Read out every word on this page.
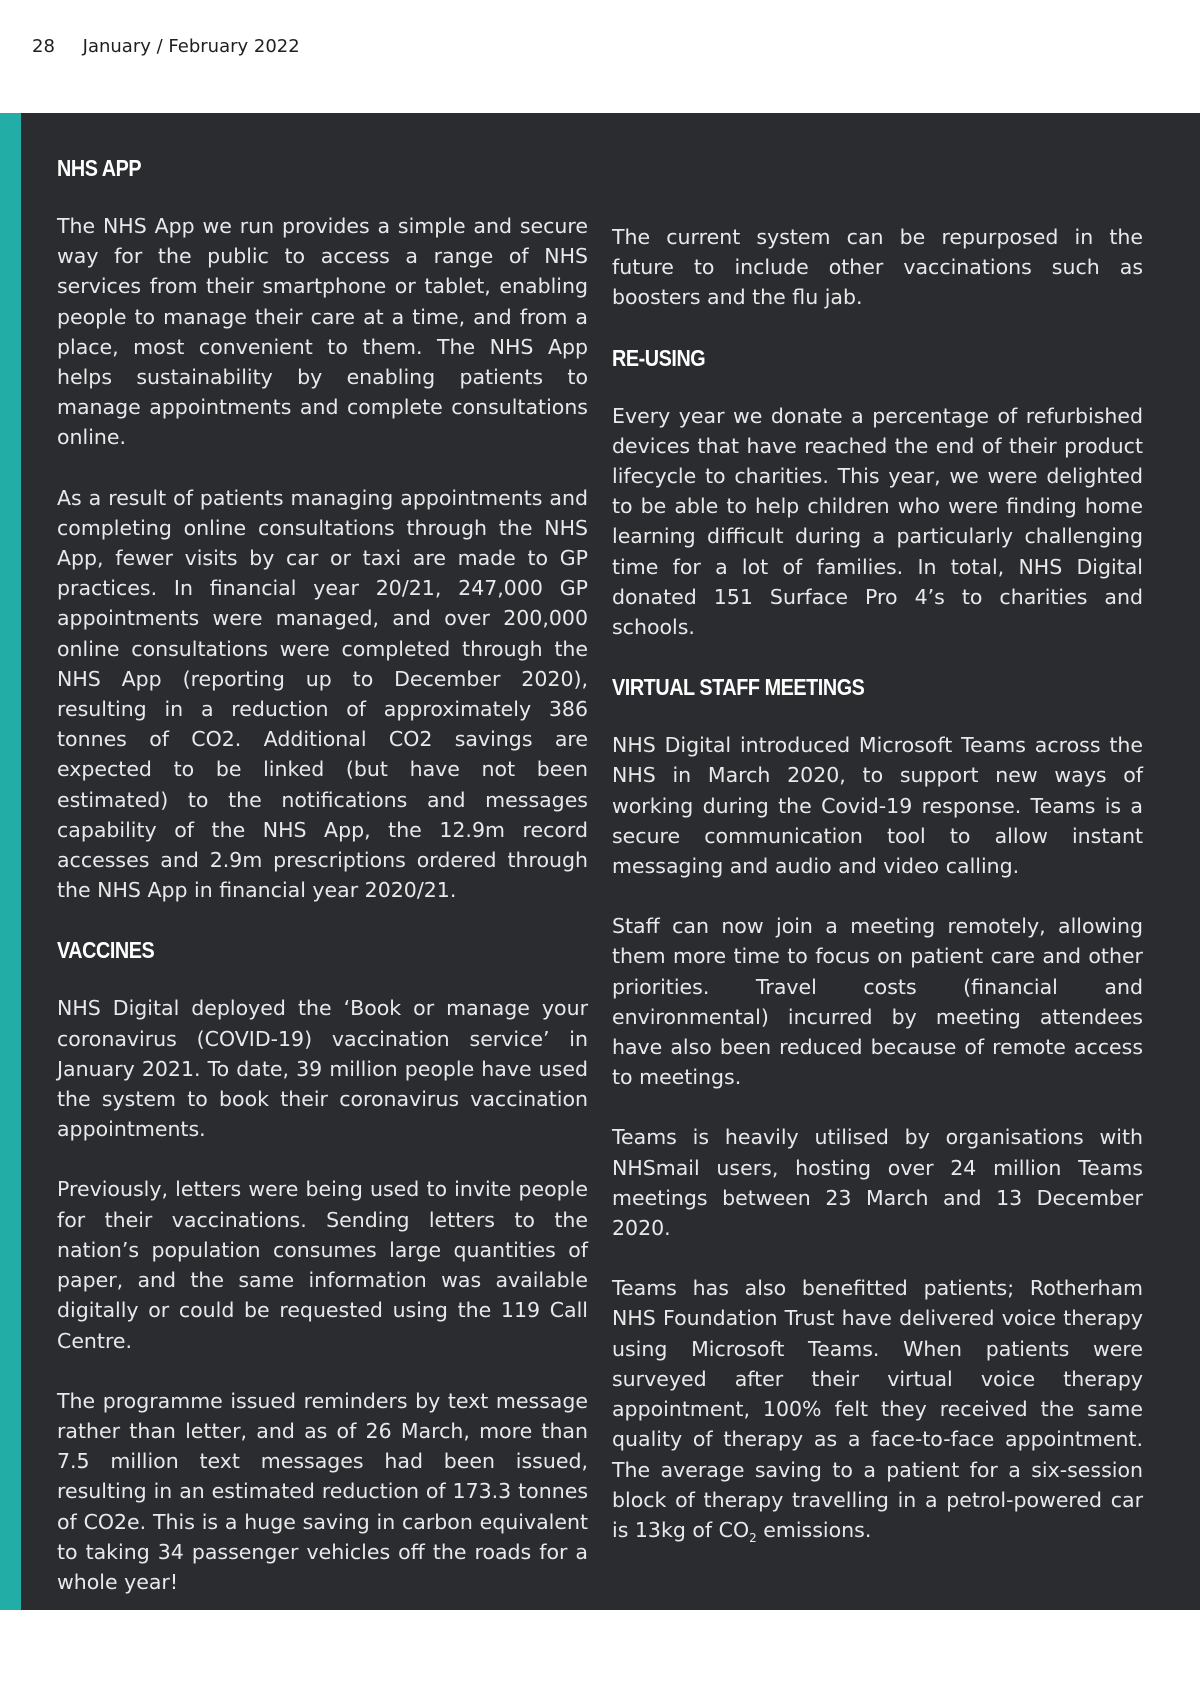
28 January / February 2022
NHS APP

The NHS App we run provides a simple and secure way for the public to access a range of NHS services from their smartphone or tablet, enabling people to manage their care at a time, and from a place, most convenient to them. The NHS App helps sustainability by enabling patients to manage appointments and complete consultations online.

As a result of patients managing appointments and completing online consultations through the NHS App, fewer visits by car or taxi are made to GP practices. In financial year 20/21, 247,000 GP appointments were managed, and over 200,000 online consultations were completed through the NHS App (reporting up to December 2020), resulting in a reduction of approximately 386 tonnes of CO2. Additional CO2 savings are expected to be linked (but have not been estimated) to the notifications and messages capability of the NHS App, the 12.9m record accesses and 2.9m prescriptions ordered through the NHS App in financial year 2020/21.

VACCINES

NHS Digital deployed the ‘Book or manage your coronavirus (COVID-19) vaccination service’ in January 2021. To date, 39 million people have used the system to book their coronavirus vaccination appointments.

Previously, letters were being used to invite people for their vaccinations. Sending letters to the nation’s population consumes large quantities of paper, and the same information was available digitally or could be requested using the 119 Call Centre.

The programme issued reminders by text message rather than letter, and as of 26 March, more than 7.5 million text messages had been issued, resulting in an estimated reduction of 173.3 tonnes of CO2e. This is a huge saving in carbon equivalent to taking 34 passenger vehicles off the roads for a whole year!

The current system can be repurposed in the future to include other vaccinations such as boosters and the flu jab.

RE-USING

Every year we donate a percentage of refurbished devices that have reached the end of their product lifecycle to charities. This year, we were delighted to be able to help children who were finding home learning difficult during a particularly challenging time for a lot of families. In total, NHS Digital donated 151 Surface Pro 4’s to charities and schools.

VIRTUAL STAFF MEETINGS

NHS Digital introduced Microsoft Teams across the NHS in March 2020, to support new ways of working during the Covid-19 response. Teams is a secure communication tool to allow instant messaging and audio and video calling.

Staff can now join a meeting remotely, allowing them more time to focus on patient care and other priorities. Travel costs (financial and environmental) incurred by meeting attendees have also been reduced because of remote access to meetings.

Teams is heavily utilised by organisations with NHSmail users, hosting over 24 million Teams meetings between 23 March and 13 December 2020.

Teams has also benefitted patients; Rotherham NHS Foundation Trust have delivered voice therapy using Microsoft Teams. When patients were surveyed after their virtual voice therapy appointment, 100% felt they received the same quality of therapy as a face-to-face appointment. The average saving to a patient for a six-session block of therapy travelling in a petrol-powered car is 13kg of $CO_2$ emissions.
